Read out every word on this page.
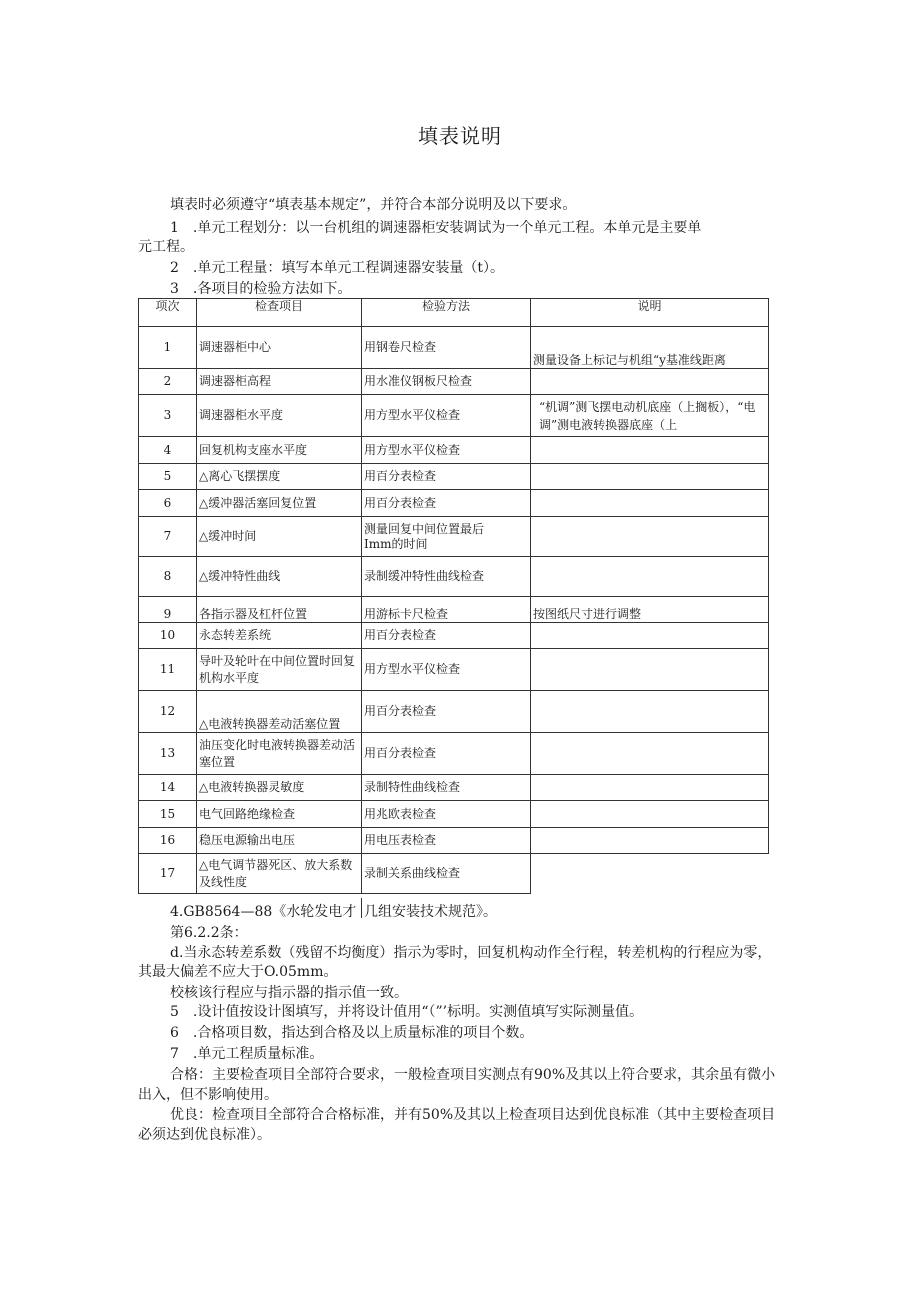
填表说明
填表时必须遵守“填表基本规定”，并符合本部分说明及以下要求。
1　.单元工程划分：以一台机组的调速器柜安装调试为一个单元工程。本单元是主要单
元工程。
2　.单元工程量：填写本单元工程调速器安装量（t）。
3　.各项目的检验方法如下。
项次	检查项目	检验方法	说明
1	调速器柜中心	用钢卷尺检查	测量设备上标记与机组“y基准线距离

2	调速器柜高程	用水准仪钢板尺检查	
3	调速器柜水平度	用方型水平仪检查	“机调”测飞摆电动机底座（上搁板），“电调”测电液转换器底座（上

4	回复机构支座水平度	用方型水平仪检查	
5	△离心飞摆摆度	用百分表检查	
6	△缓冲器活塞回复位置	用百分表检查	
7	△缓冲时间	测量回复中间位置最后Imm的时间	

8	△缓冲特性曲线	录制缓冲特性曲线检查	
9	各指示器及杠杆位置	用游标卡尺检查	按图纸尺寸进行调整
10	永态转差系统	用百分表检查	
11	导叶及轮叶在中间位置时回复机构水平度	用方型水平仪检查	
12	△电液转换器差动活塞位置	用百分表检查	
13	油压变化时电液转换器差动活塞位置	用百分表检查	
14	△电液转换器灵敏度	录制特性曲线检查	
15	电气回路绝缘检查	用兆欧表检查	
16	稳压电源输出电压	用电压表检查	
17	△电气调节器死区、放大系数及线性度	录制关系曲线检查	
4.GB8564—88《水轮发电才 几组安装技术规范》。
第6.2.2条：
d.当永态转差系数（残留不均衡度）指示为零时，回复机构动作全行程，转差机构的行程应为零，
其最大偏差不应大于O.05mm。
校核该行程应与指示器的指示值一致。
5　.设计值按设计图填写，并将设计值用“（”’标明。实测值填写实际测量值。
6　.合格项目数，指达到合格及以上质量标准的项目个数。
7　.单元工程质量标准。
合格：主要检查项目全部符合要求，一般检查项目实测点有90%及其以上符合要求，其余虽有微小
出入，但不影响使用。
优良：检查项目全部符合合格标准，并有50%及其以上检查项目达到优良标准（其中主要检查项目
必须达到优良标准）。
